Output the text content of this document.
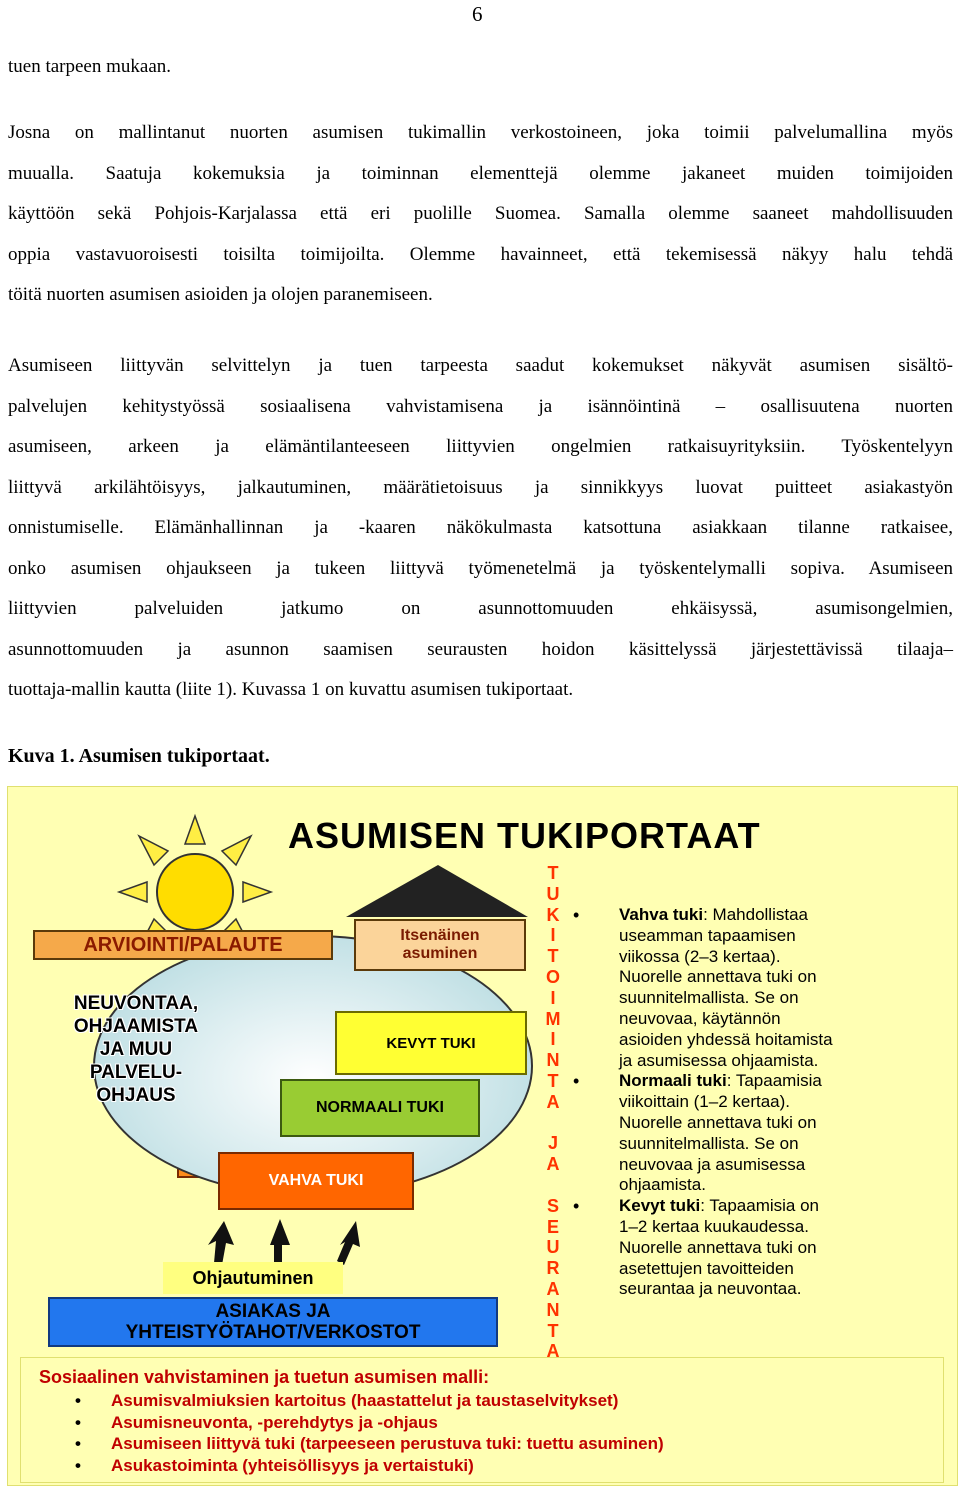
6
tuen tarpeen mukaan.
Josna on mallintanut nuorten asumisen tukimallin verkostoineen, joka toimii palvelumallina myös
muualla. Saatuja kokemuksia ja toiminnan elementtejä olemme jakaneet muiden toimijoiden
käyttöön sekä Pohjois-Karjalassa että eri puolille Suomea. Samalla olemme saaneet mahdollisuuden
oppia vastavuoroisesti toisilta toimijoilta. Olemme havainneet, että tekemisessä näkyy halu tehdä
töitä nuorten asumisen asioiden ja olojen paranemiseen.
Asumiseen liittyvän selvittelyn ja tuen tarpeesta saadut kokemukset näkyvät asumisen sisältö-
palvelujen kehitystyössä sosiaalisena vahvistamisena ja isännöintinä – osallisuutena nuorten
asumiseen, arkeen ja elämäntilanteeseen liittyvien ongelmien ratkaisuyrityksiin. Työskentelyyn
liittyvä arkilähtöisyys, jalkautuminen, määrätietoisuus ja sinnikkyys luovat puitteet asiakastyön
onnistumiselle. Elämänhallinnan ja -kaaren näkökulmasta katsottuna asiakkaan tilanne ratkaisee,
onko asumisen ohjaukseen ja tukeen liittyvä työmenetelmä ja työskentelymalli sopiva. Asumiseen
liittyvien palveluiden jatkumo on asunnottomuuden ehkäisyssä, asumisongelmien,
asunnottomuuden ja asunnon saamisen seurausten hoidon käsittelyssä järjestettävissä tilaaja–
tuottaja-mallin kautta (liite 1). Kuvassa 1 on kuvattu asumisen tukiportaat.
Kuva 1. Asumisen tukiportaat.
ASUMISEN TUKIPORTAAT
ARVIOINTI/PALAUTE
NEUVONTAA,
OHJAAMISTA
JA MUU
PALVELU-
OHJAUS
Itsenäinen
asuminen
KEVYT TUKI
NORMAALI TUKI
VAHVA TUKI
Ohjautuminen
ASIAKAS JA
YHTEISTYÖTAHOT/VERKOSTOT
T
U
K
I
T
O
I
M
I
N
T
A

J
A

S
E
U
R
A
N
T
A
• Vahva tuki: Mahdollistaa
useamman tapaamisen
viikossa (2–3 kertaa).
Nuorelle annettava tuki on
suunnitelmallista. Se on
neuvovaa, käytännön
asioiden yhdessä hoitamista
ja asumisessa ohjaamista.
• Normaali tuki: Tapaamisia
viikoittain (1–2 kertaa).
Nuorelle annettava tuki on
suunnitelmallista. Se on
neuvovaa ja asumisessa
ohjaamista.
• Kevyt tuki: Tapaamisia on
1–2 kertaa kuukaudessa.
Nuorelle annettava tuki on
asetettujen tavoitteiden
seurantaa ja neuvontaa.
Sosiaalinen vahvistaminen ja tuetun asumisen malli:
• Asumisvalmiuksien kartoitus (haastattelut ja taustaselvitykset)
• Asumisneuvonta, -perehdytys ja -ohjaus
• Asumiseen liittyvä tuki (tarpeeseen perustuva tuki: tuettu asuminen)
• Asukastoiminta (yhteisöllisyys ja vertaistuki)
